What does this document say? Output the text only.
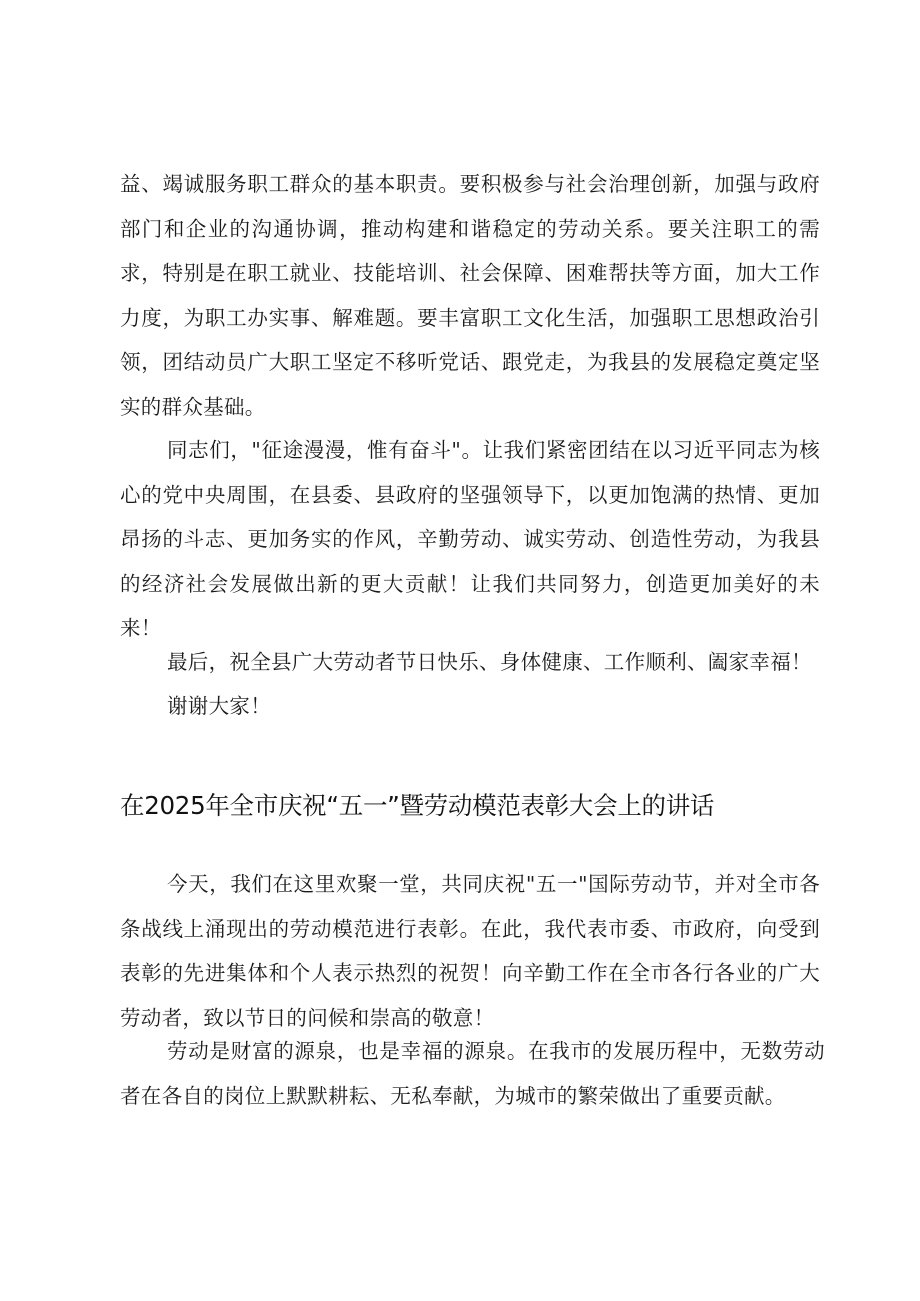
益、竭诚服务职工群众的基本职责。要积极参与社会治理创新，加强与政府部门和企业的沟通协调，推动构建和谐稳定的劳动关系。要关注职工的需求，特别是在职工就业、技能培训、社会保障、困难帮扶等方面，加大工作力度，为职工办实事、解难题。要丰富职工文化生活，加强职工思想政治引领，团结动员广大职工坚定不移听党话、跟党走，为我县的发展稳定奠定坚实的群众基础。

同志们，"征途漫漫，惟有奋斗"。让我们紧密团结在以习近平同志为核心的党中央周围，在县委、县政府的坚强领导下，以更加饱满的热情、更加昂扬的斗志、更加务实的作风，辛勤劳动、诚实劳动、创造性劳动，为我县的经济社会发展做出新的更大贡献！让我们共同努力，创造更加美好的未来！

最后，祝全县广大劳动者节日快乐、身体健康、工作顺利、阖家幸福！

谢谢大家！

在2025年全市庆祝“五一”暨劳动模范表彰大会上的讲话

今天，我们在这里欢聚一堂，共同庆祝"五一"国际劳动节，并对全市各条战线上涌现出的劳动模范进行表彰。在此，我代表市委、市政府，向受到表彰的先进集体和个人表示热烈的祝贺！向辛勤工作在全市各行各业的广大劳动者，致以节日的问候和崇高的敬意！

劳动是财富的源泉，也是幸福的源泉。在我市的发展历程中，无数劳动者在各自的岗位上默默耕耘、无私奉献，为城市的繁荣做出了重要贡献。
